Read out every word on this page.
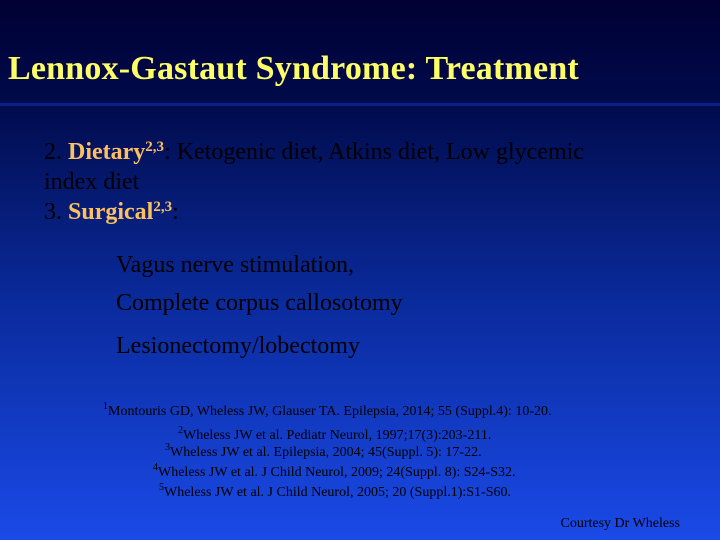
Lennox-Gastaut Syndrome: Treatment
2. Dietary$^{2,3}$: Ketogenic diet, Atkins diet, Low glycemic
index diet
3. Surgical$^{2,3}$:
Vagus nerve stimulation,
Complete corpus callosotomy
Lesionectomy/lobectomy
$^1$Montouris GD, Wheless JW, Glauser TA. Epilepsia, 2014; 55 (Suppl.4): 10-20.
$^2$Wheless JW et al. Pediatr Neurol, 1997;17(3):203-211.
$^3$Wheless JW et al. Epilepsia, 2004; 45(Suppl. 5): 17-22.
$^4$Wheless JW et al. J Child Neurol, 2009; 24(Suppl. 8): S24-S32.
$^5$Wheless JW et al. J Child Neurol, 2005; 20 (Suppl.1):S1-S60.
Courtesy Dr Wheless
